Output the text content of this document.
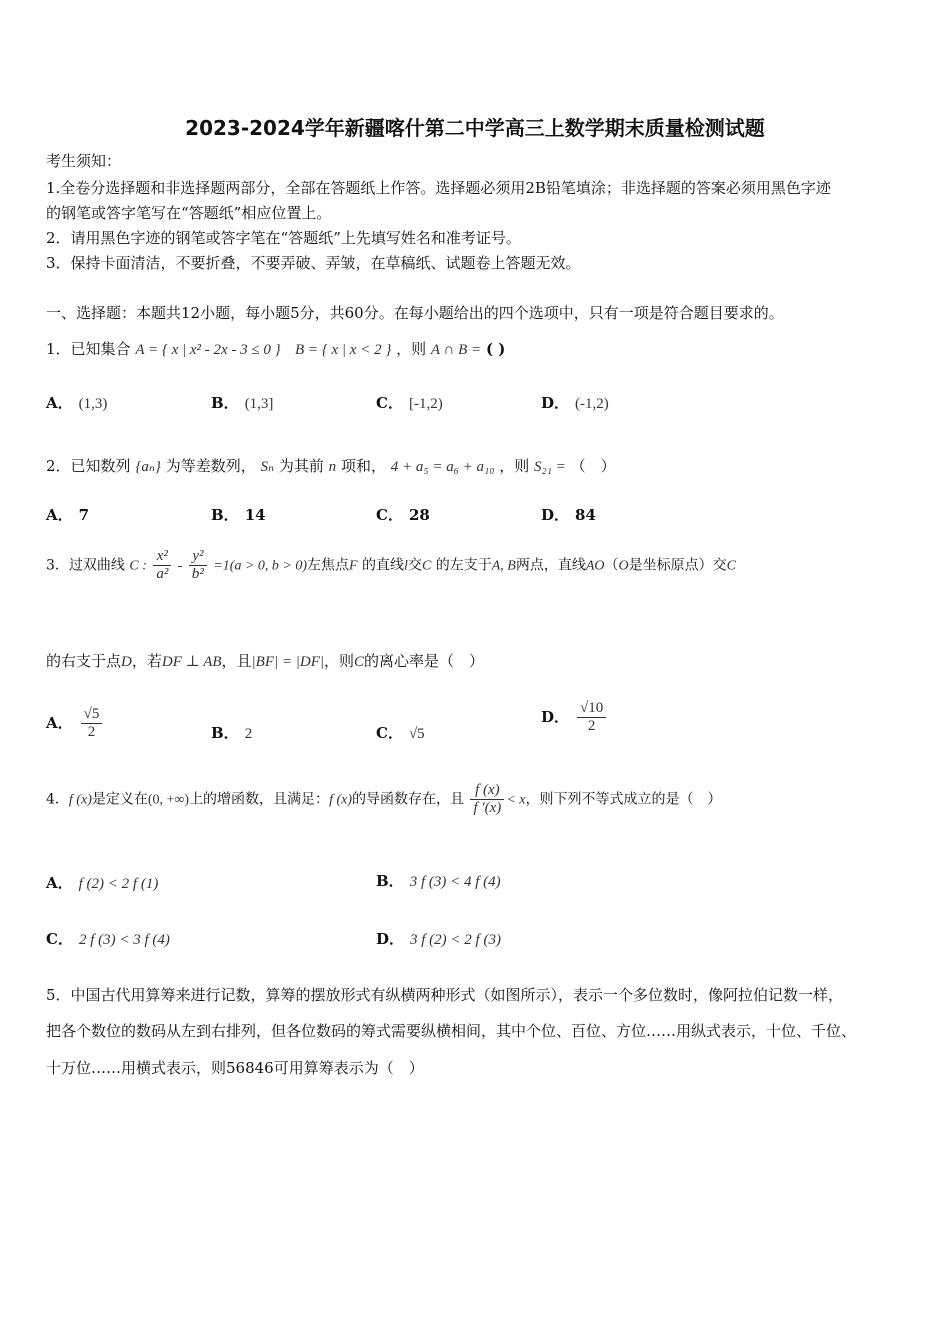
2023-2024学年新疆喀什第二中学高三上数学期末质量检测试题
考生须知：
1.全卷分选择题和非选择题两部分，全部在答题纸上作答。选择题必须用2B铅笔填涂；非选择题的答案必须用黑色字迹
的钢笔或答字笔写在“答题纸”相应位置上。
2．请用黑色字迹的钢笔或答字笔在“答题纸”上先填写姓名和准考证号。
3．保持卡面清洁，不要折叠，不要弄破、弄皱，在草稿纸、试题卷上答题无效。
一、选择题：本题共12小题，每小题5分，共60分。在每小题给出的四个选项中，只有一项是符合题目要求的。
1．已知集合 A = { x | x² - 2x - 3 ≤ 0 } B = { x | x < 2 } ，则 A ∩ B = ( )
A． (1,3)	B． (1,3]	C． [-1,2)	D． (-1,2)
2．已知数列 {aₙ} 为等差数列， Sₙ 为其前 n 项和， 4 + a₅ = a₆ + a₁₀ ，则 S₂₁ = （　）
A． 7	B． 14	C． 28	D． 84
3．过双曲线 C : $\frac{\text{x²}}{\text{a²}} - \frac{\text{y²}}{\text{b²}} =1(a > 0$, b > 0)左焦点F 的直线l交C 的左支于A, B两点，直线AO（O是坐标原点）交C
的右支于点D，若DF ⊥ AB，且|BF| = |DF|，则C的离心率是（　）
A． $\frac{√5}{2}$	B． 2	C． √5
D． $\frac{√10}{2}$
4．f (x)是定义在(0, +∞)上的增函数，且满足：f (x)的导函数存在，且 $\frac{f (x)}{f '(x)} < x$，则下列不等式成立的是（　）
A． f (2) < 2 f (1)	B． 3 f (3) < 4 f (4)
C． 2 f (3) < 3 f (4)	D． 3 f (2) < 2 f (3)
5．中国古代用算筹来进行记数，算筹的摆放形式有纵横两种形式（如图所示），表示一个多位数时，像阿拉伯记数一样，
把各个数位的数码从左到右排列，但各位数码的筹式需要纵横相间，其中个位、百位、方位……用纵式表示，十位、千位、
十万位……用横式表示，则56846可用算筹表示为（　）
